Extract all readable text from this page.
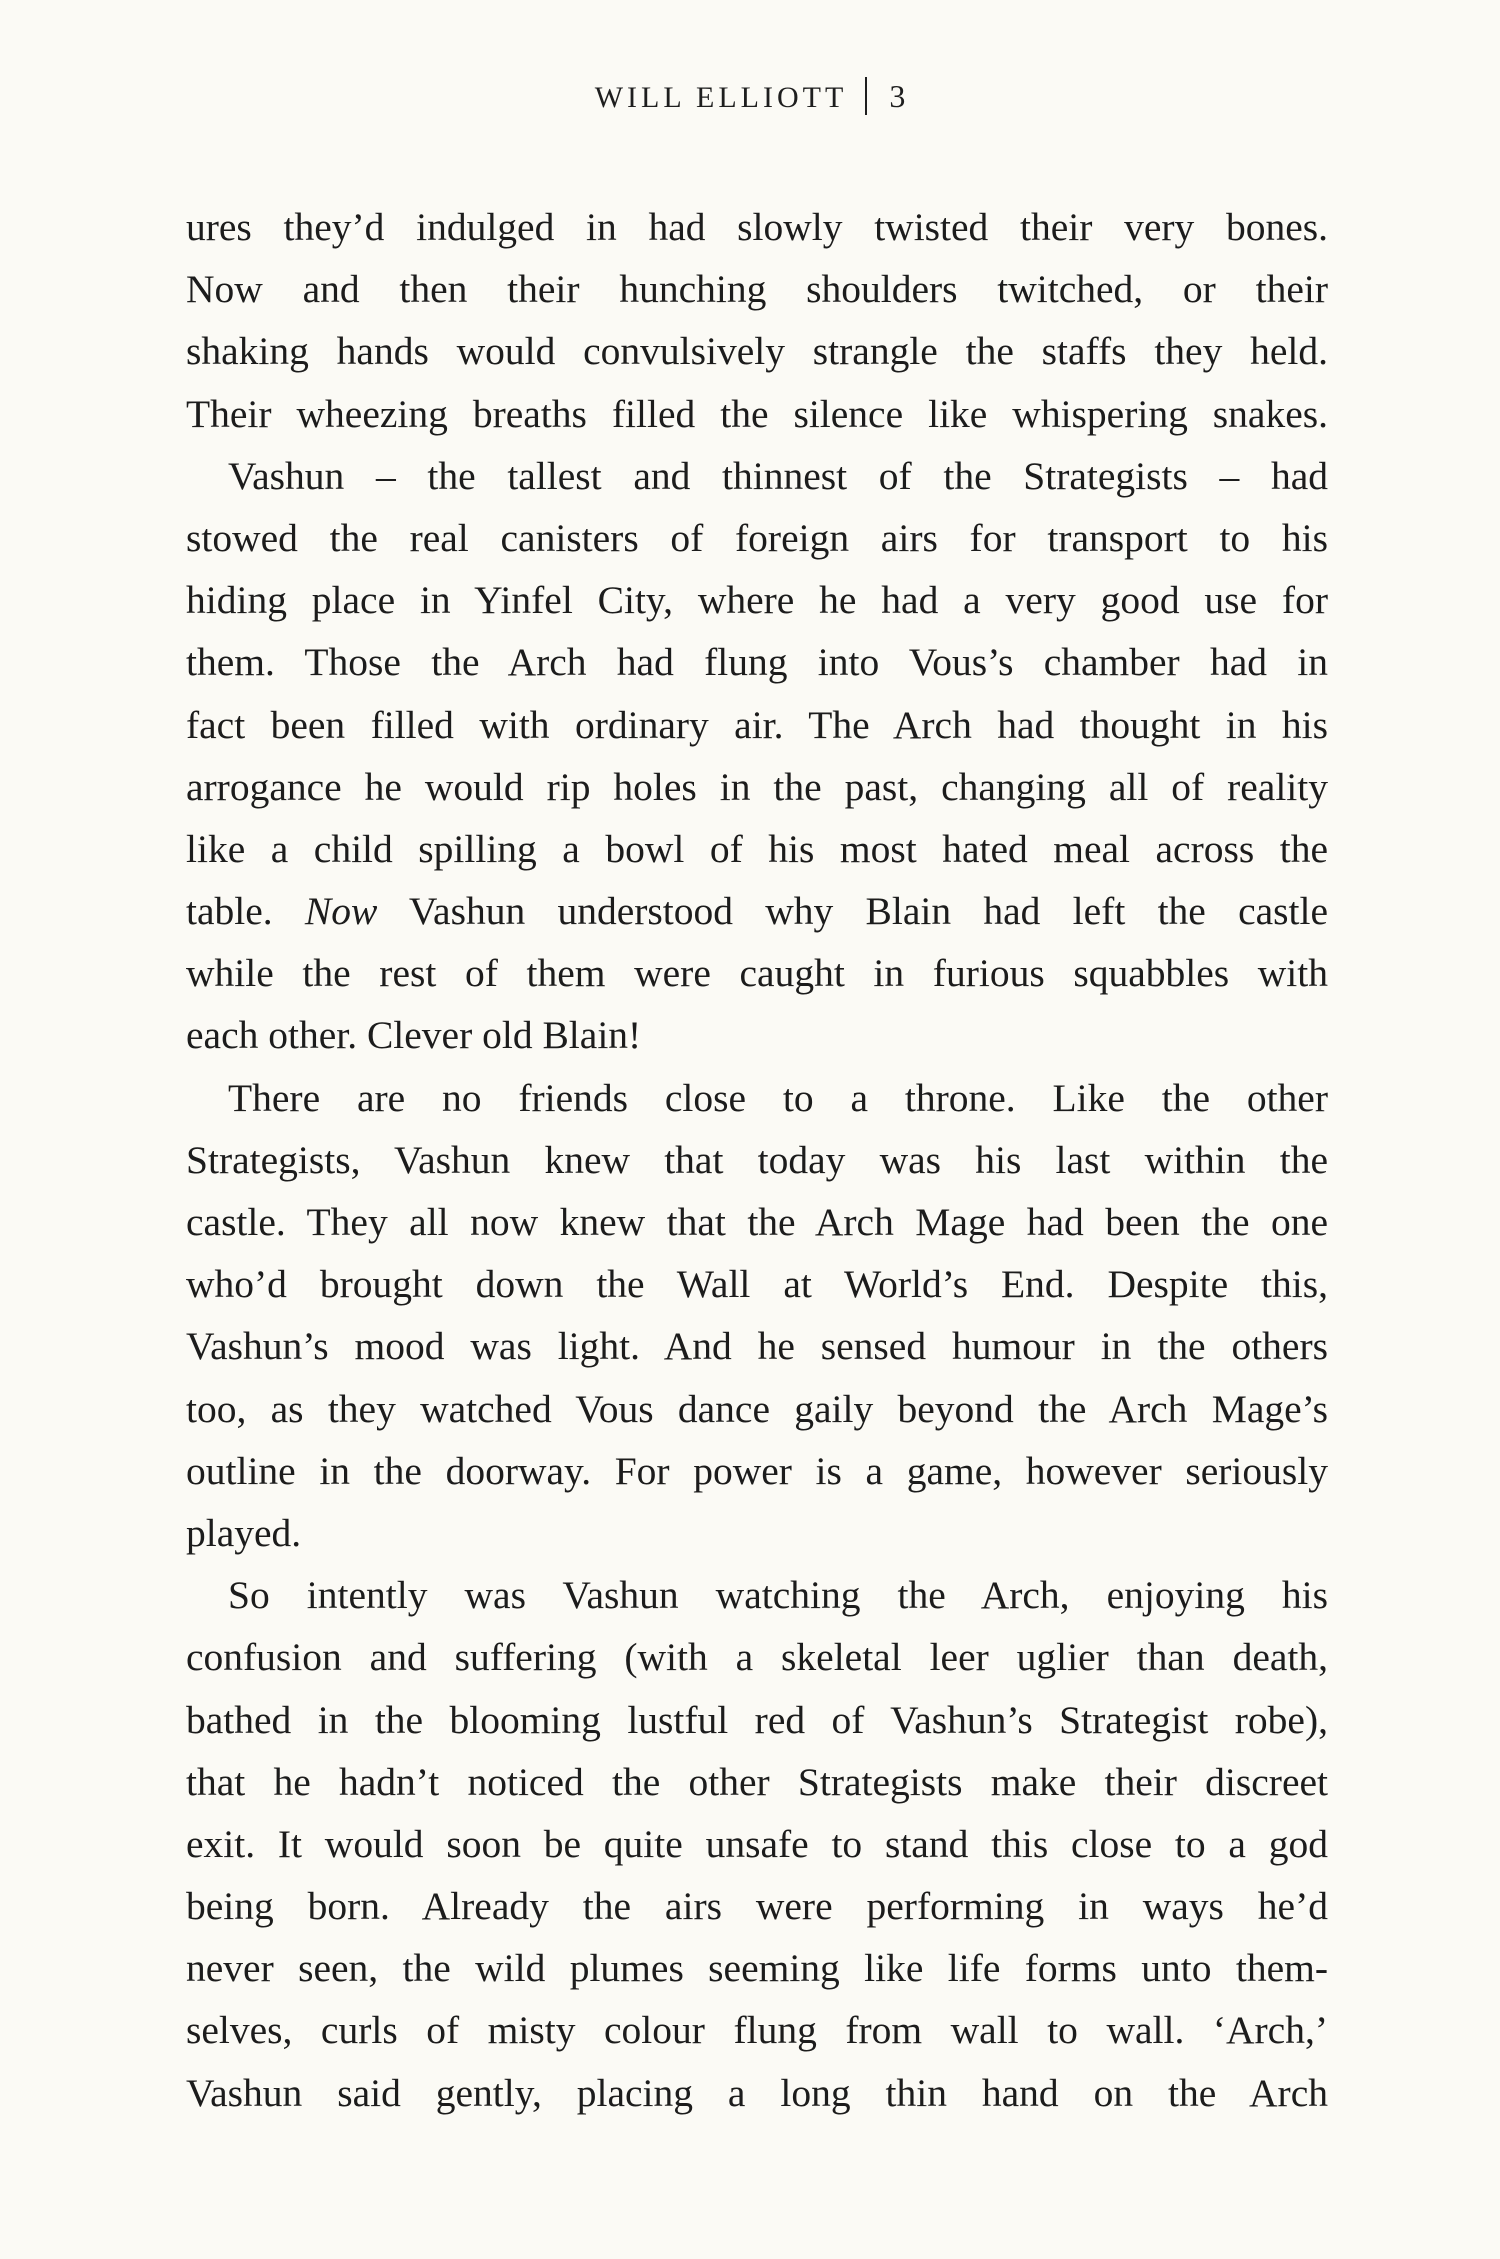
WILL ELLIOTT 3

ures they’d indulged in had slowly twisted their very bones.
Now and then their hunching shoulders twitched, or their
shaking hands would convulsively strangle the staffs they held.
Their wheezing breaths filled the silence like whispering snakes.

Vashun – the tallest and thinnest of the Strategists – had
stowed the real canisters of foreign airs for transport to his
hiding place in Yinfel City, where he had a very good use for
them. Those the Arch had flung into Vous’s chamber had in
fact been filled with ordinary air. The Arch had thought in his
arrogance he would rip holes in the past, changing all of reality
like a child spilling a bowl of his most hated meal across the
table. Now Vashun understood why Blain had left the castle
while the rest of them were caught in furious squabbles with
each other. Clever old Blain!

There are no friends close to a throne. Like the other
Strategists, Vashun knew that today was his last within the
castle. They all now knew that the Arch Mage had been the one
who’d brought down the Wall at World’s End. Despite this,
Vashun’s mood was light. And he sensed humour in the others
too, as they watched Vous dance gaily beyond the Arch Mage’s
outline in the doorway. For power is a game, however seriously
played.

So intently was Vashun watching the Arch, enjoying his
confusion and suffering (with a skeletal leer uglier than death,
bathed in the blooming lustful red of Vashun’s Strategist robe),
that he hadn’t noticed the other Strategists make their discreet
exit. It would soon be quite unsafe to stand this close to a god
being born. Already the airs were performing in ways he’d
never seen, the wild plumes seeming like life forms unto them-
selves, curls of misty colour flung from wall to wall. ‘Arch,’
Vashun said gently, placing a long thin hand on the Arch
